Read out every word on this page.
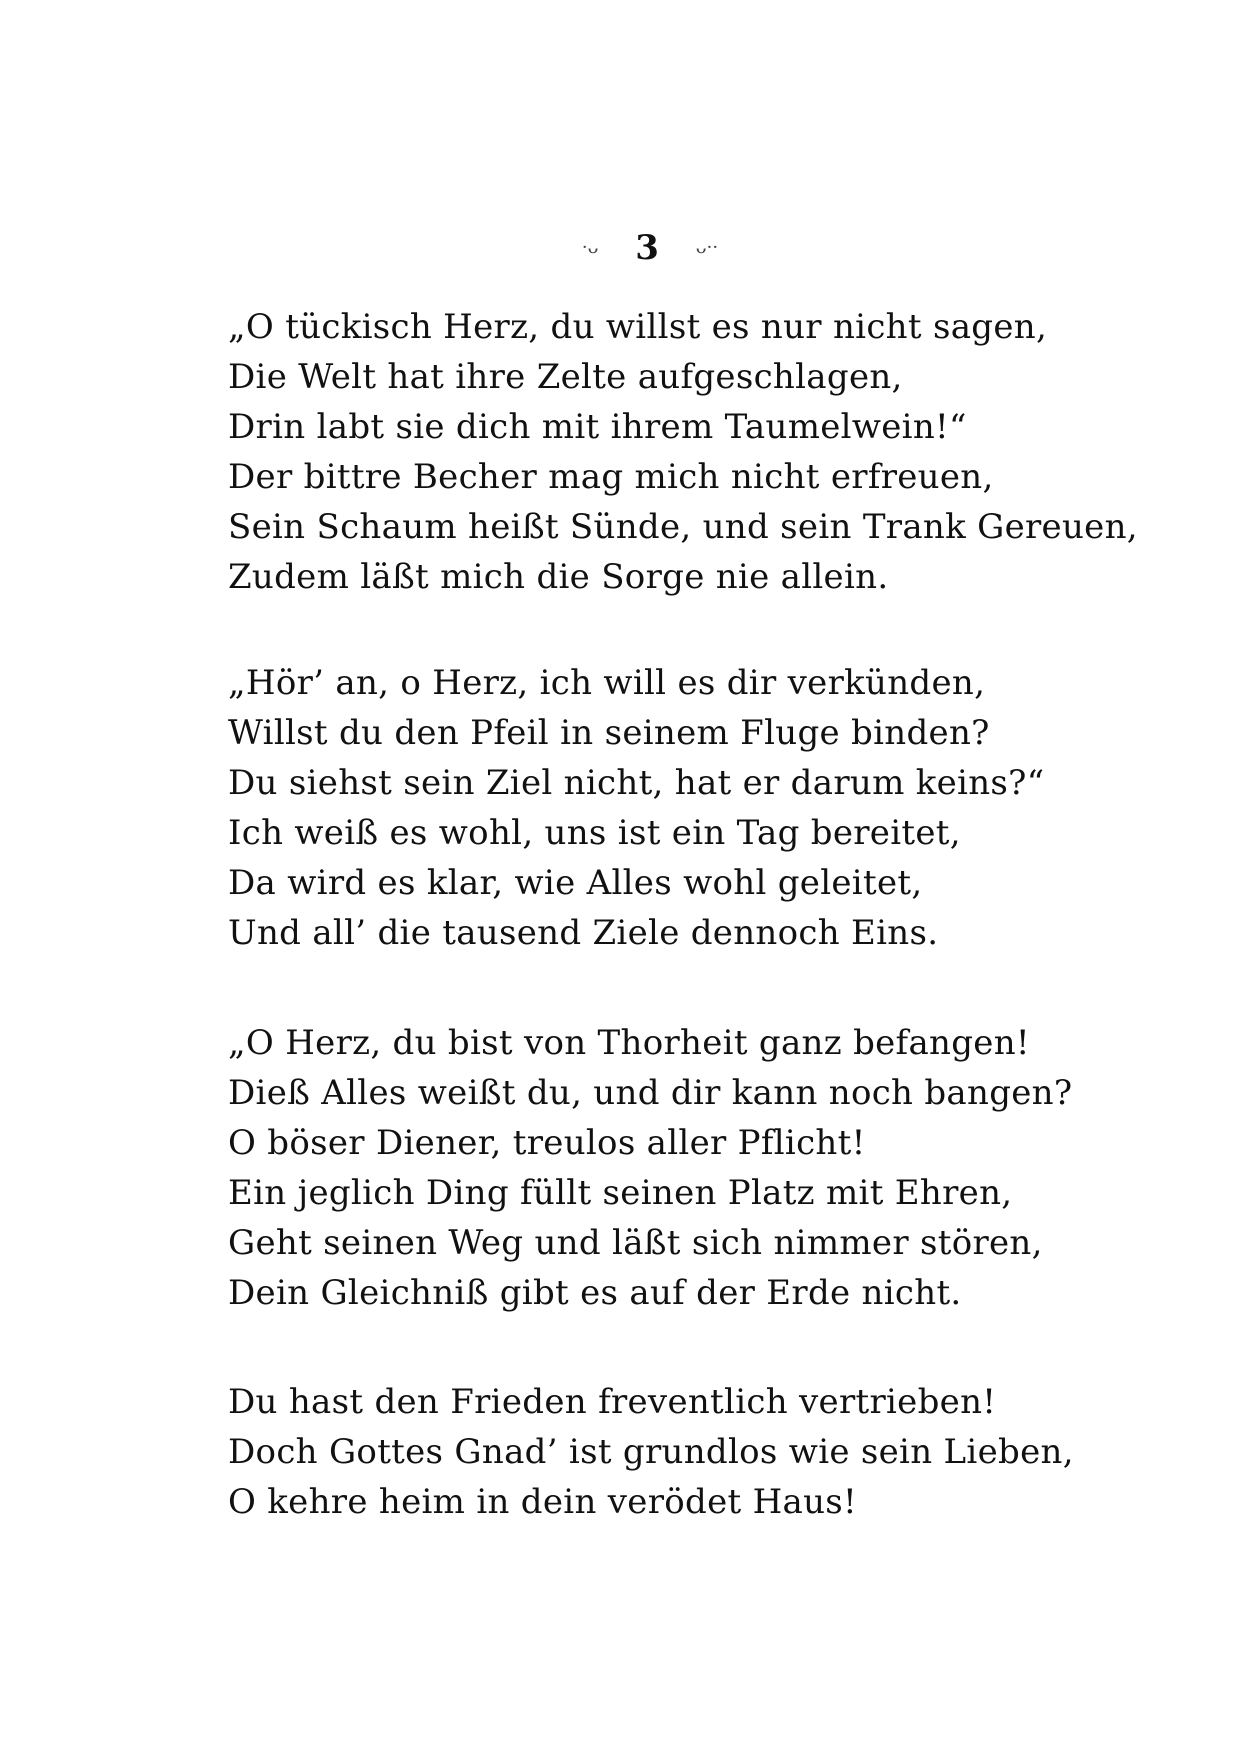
·ᴗ 3 ᴗ··
„O tückisch Herz, du willst es nur nicht sagen,
Die Welt hat ihre Zelte aufgeschlagen,
Drin labt sie dich mit ihrem Taumelwein!“
Der bittre Becher mag mich nicht erfreuen,
Sein Schaum heißt Sünde, und sein Trank Gereuen,
Zudem läßt mich die Sorge nie allein.
„Hör’ an, o Herz, ich will es dir verkünden,
Willst du den Pfeil in seinem Fluge binden?
Du siehst sein Ziel nicht, hat er darum keins?“
Ich weiß es wohl, uns ist ein Tag bereitet,
Da wird es klar, wie Alles wohl geleitet,
Und all’ die tausend Ziele dennoch Eins.
„O Herz, du bist von Thorheit ganz befangen!
Dieß Alles weißt du, und dir kann noch bangen?
O böser Diener, treulos aller Pflicht!
Ein jeglich Ding füllt seinen Platz mit Ehren,
Geht seinen Weg und läßt sich nimmer stören,
Dein Gleichniß gibt es auf der Erde nicht.
Du hast den Frieden freventlich vertrieben!
Doch Gottes Gnad’ ist grundlos wie sein Lieben,
O kehre heim in dein verödet Haus!
